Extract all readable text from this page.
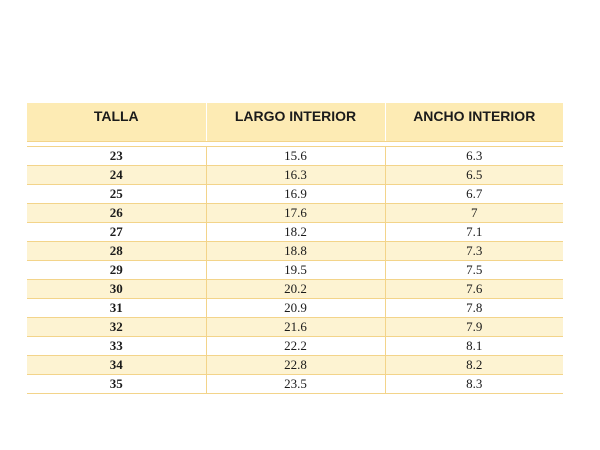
TALLA	LARGO INTERIOR	ANCHO INTERIOR

23	15.6	6.3
24	16.3	6.5
25	16.9	6.7
26	17.6	7
27	18.2	7.1
28	18.8	7.3
29	19.5	7.5
30	20.2	7.6
31	20.9	7.8
32	21.6	7.9
33	22.2	8.1
34	22.8	8.2
35	23.5	8.3
